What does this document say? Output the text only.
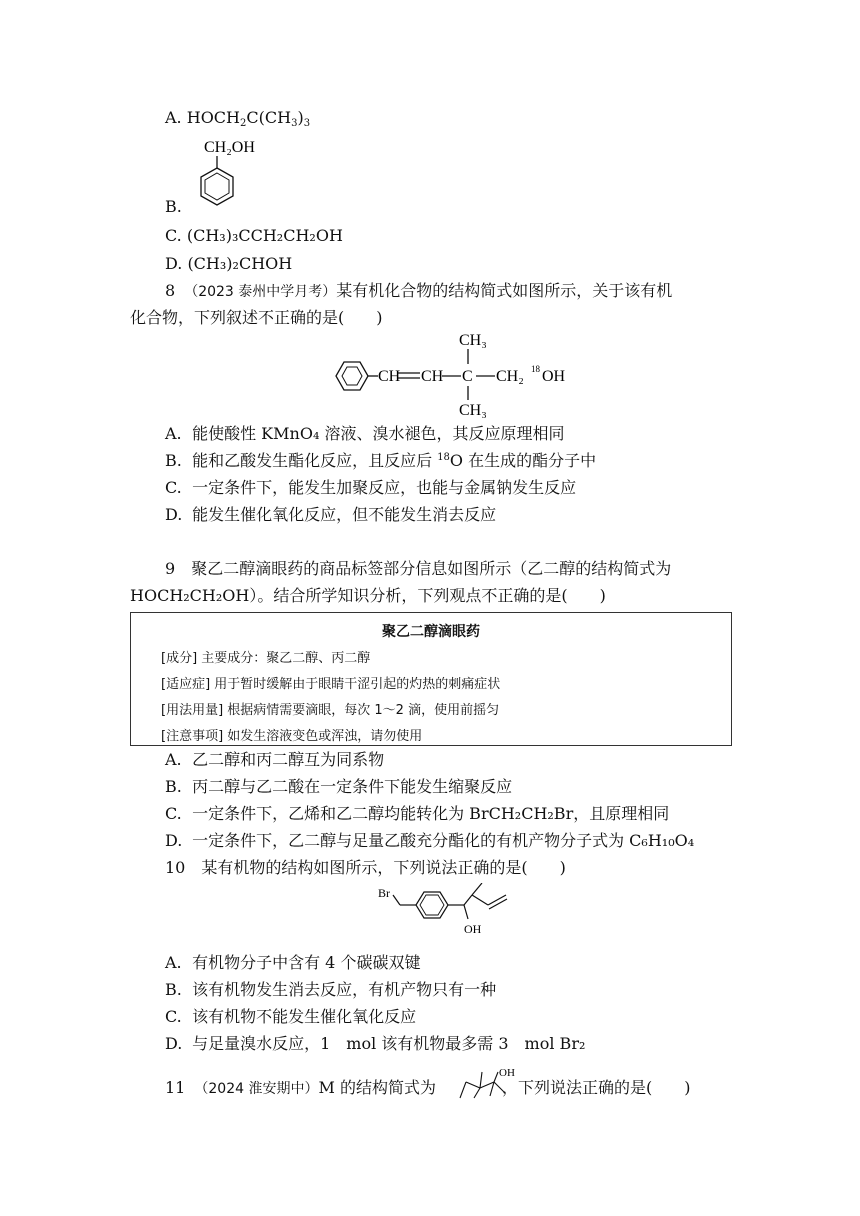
A. $HOCH_2C(CH_3)_3$
CH₂OH
B.
C. (CH₃)₃CCH₂CH₂OH
D. (CH₃)₂CHOH
8　 （2023 泰州中学月考）某有机化合物的结构简式如图所示，关于该有机
化合物，下列叙述不正确的是(　　)
CH CH C
CH₃
CH₃
CH₂ 18 OH
A. 能使酸性 KMnO₄ 溶液、溴水褪色，其反应原理相同
B. 能和乙酸发生酯化反应，且反应后 $^{18}$O 在生成的酯分子中
C. 一定条件下，能发生加聚反应，也能与金属钠发生反应
D. 能发生催化氧化反应，但不能发生消去反应
9　 聚乙二醇滴眼药的商品标签部分信息如图所示（乙二醇的结构简式为
HOCH₂CH₂OH）。结合所学知识分析，下列观点不正确的是(　　)
聚乙二醇滴眼药
[成分] 主要成分：聚乙二醇、丙二醇
[适应症] 用于暂时缓解由于眼睛干涩引起的灼热的刺痛症状
[用法用量] 根据病情需要滴眼，每次 1～2 滴，使用前摇匀
[注意事项] 如发生溶液变色或浑浊，请勿使用
A. 乙二醇和丙二醇互为同系物
B. 丙二醇与乙二酸在一定条件下能发生缩聚反应
C. 一定条件下，乙烯和乙二醇均能转化为 BrCH₂CH₂Br，且原理相同
D. 一定条件下，乙二醇与足量乙酸充分酯化的有机产物分子式为 C₆H₁₀O₄
10　 某有机物的结构如图所示，下列说法正确的是(　　)
Br
OH
A. 有机物分子中含有 4 个碳碳双键
B. 该有机物发生消去反应，有机产物只有一种
C. 该有机物不能发生催化氧化反应
D. 与足量溴水反应，1　mol 该有机物最多需 3　mol Br₂
11　 （2024 淮安期中）M 的结构简式为	，下列说法正确的是(　　)
OH
